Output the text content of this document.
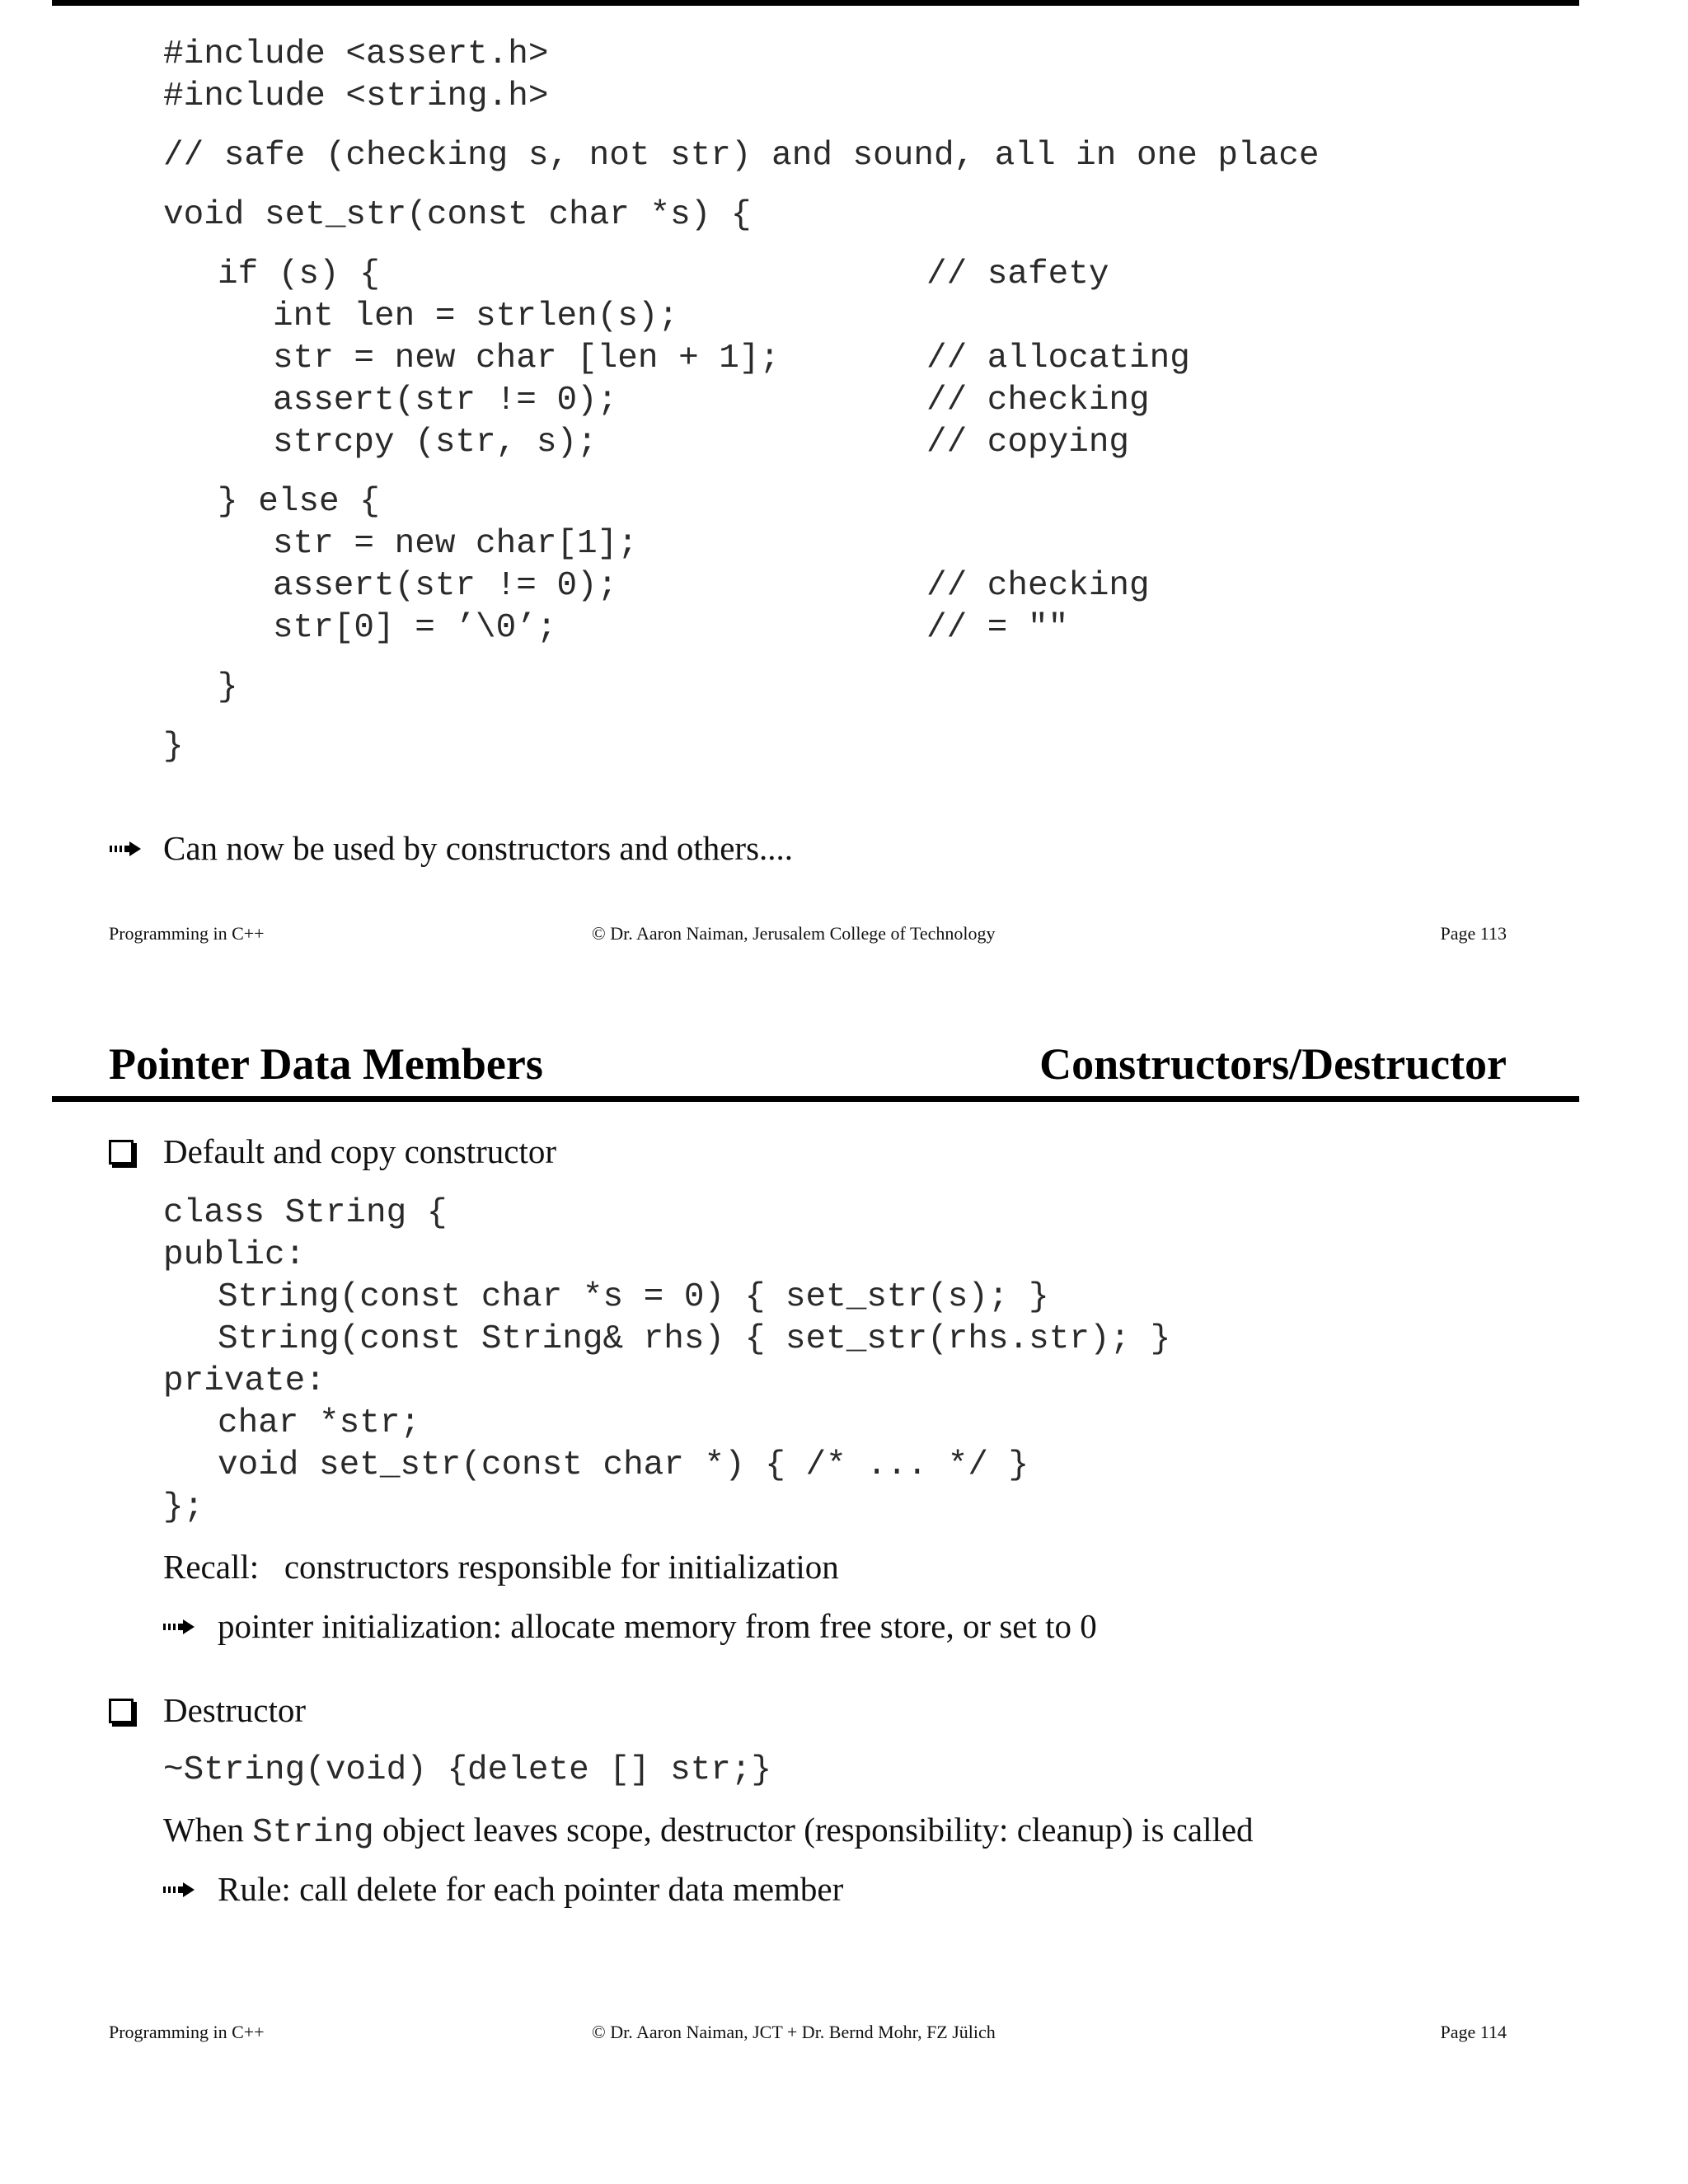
#include <assert.h>
#include <string.h>
// safe (checking s, not str) and sound, all in one place
void set_str(const char *s) {
if (s) {
int len = strlen(s);
str = new char [len + 1];
assert(str != 0);
strcpy (str, s);
} else {
str = new char[1];
assert(str != 0);
str[0] = ’\0’;
}
}
// safety
// allocating
// checking
// copying
// checking
// = ""
Can now be used by constructors and others....
Programming in C++	© Dr. Aaron Naiman, Jerusalem College of Technology	Page 113
Pointer Data Members	Constructors/Destructor
Default and copy constructor
class String {
public:
String(const char *s = 0) { set_str(s); }
String(const String& rhs) { set_str(rhs.str); }
private:
char *str;
void set_str(const char *) { /* ... */ }
};
Recall:   constructors responsible for initialization
pointer initialization: allocate memory from free store, or set to 0
Destructor
~String(void) {delete [] str;}
When String object leaves scope, destructor (responsibility: cleanup) is called
Rule: call delete for each pointer data member
Programming in C++	© Dr. Aaron Naiman, JCT + Dr. Bernd Mohr, FZ Jülich	Page 114
